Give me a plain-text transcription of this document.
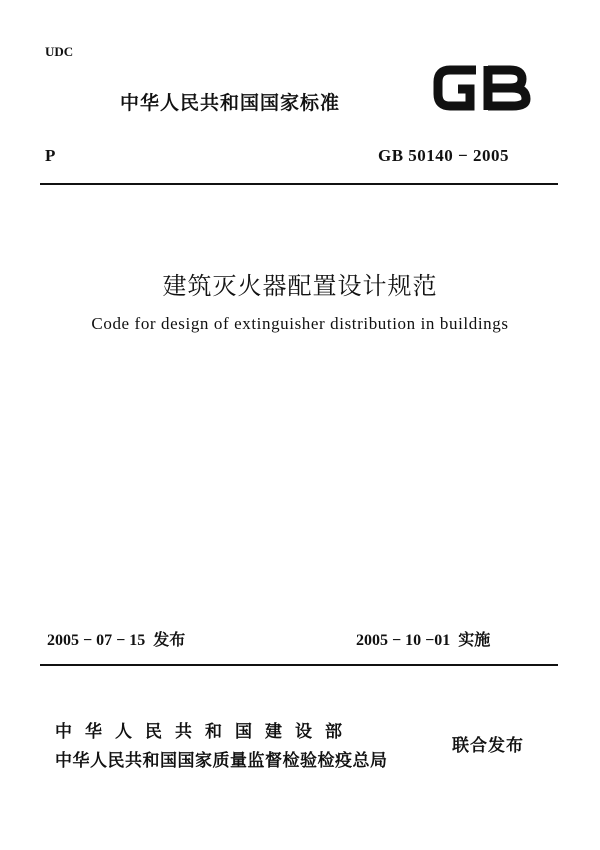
UDC
中华人民共和国国家标准
P	GB 50140 − 2005
建筑灭火器配置设计规范
Code for design of extinguisher distribution in buildings
2005 − 07 − 15 发布	2005 − 10 −01 实施
中华人民共和国建设部
中华人民共和国国家质量监督检验检疫总局
联合发布
